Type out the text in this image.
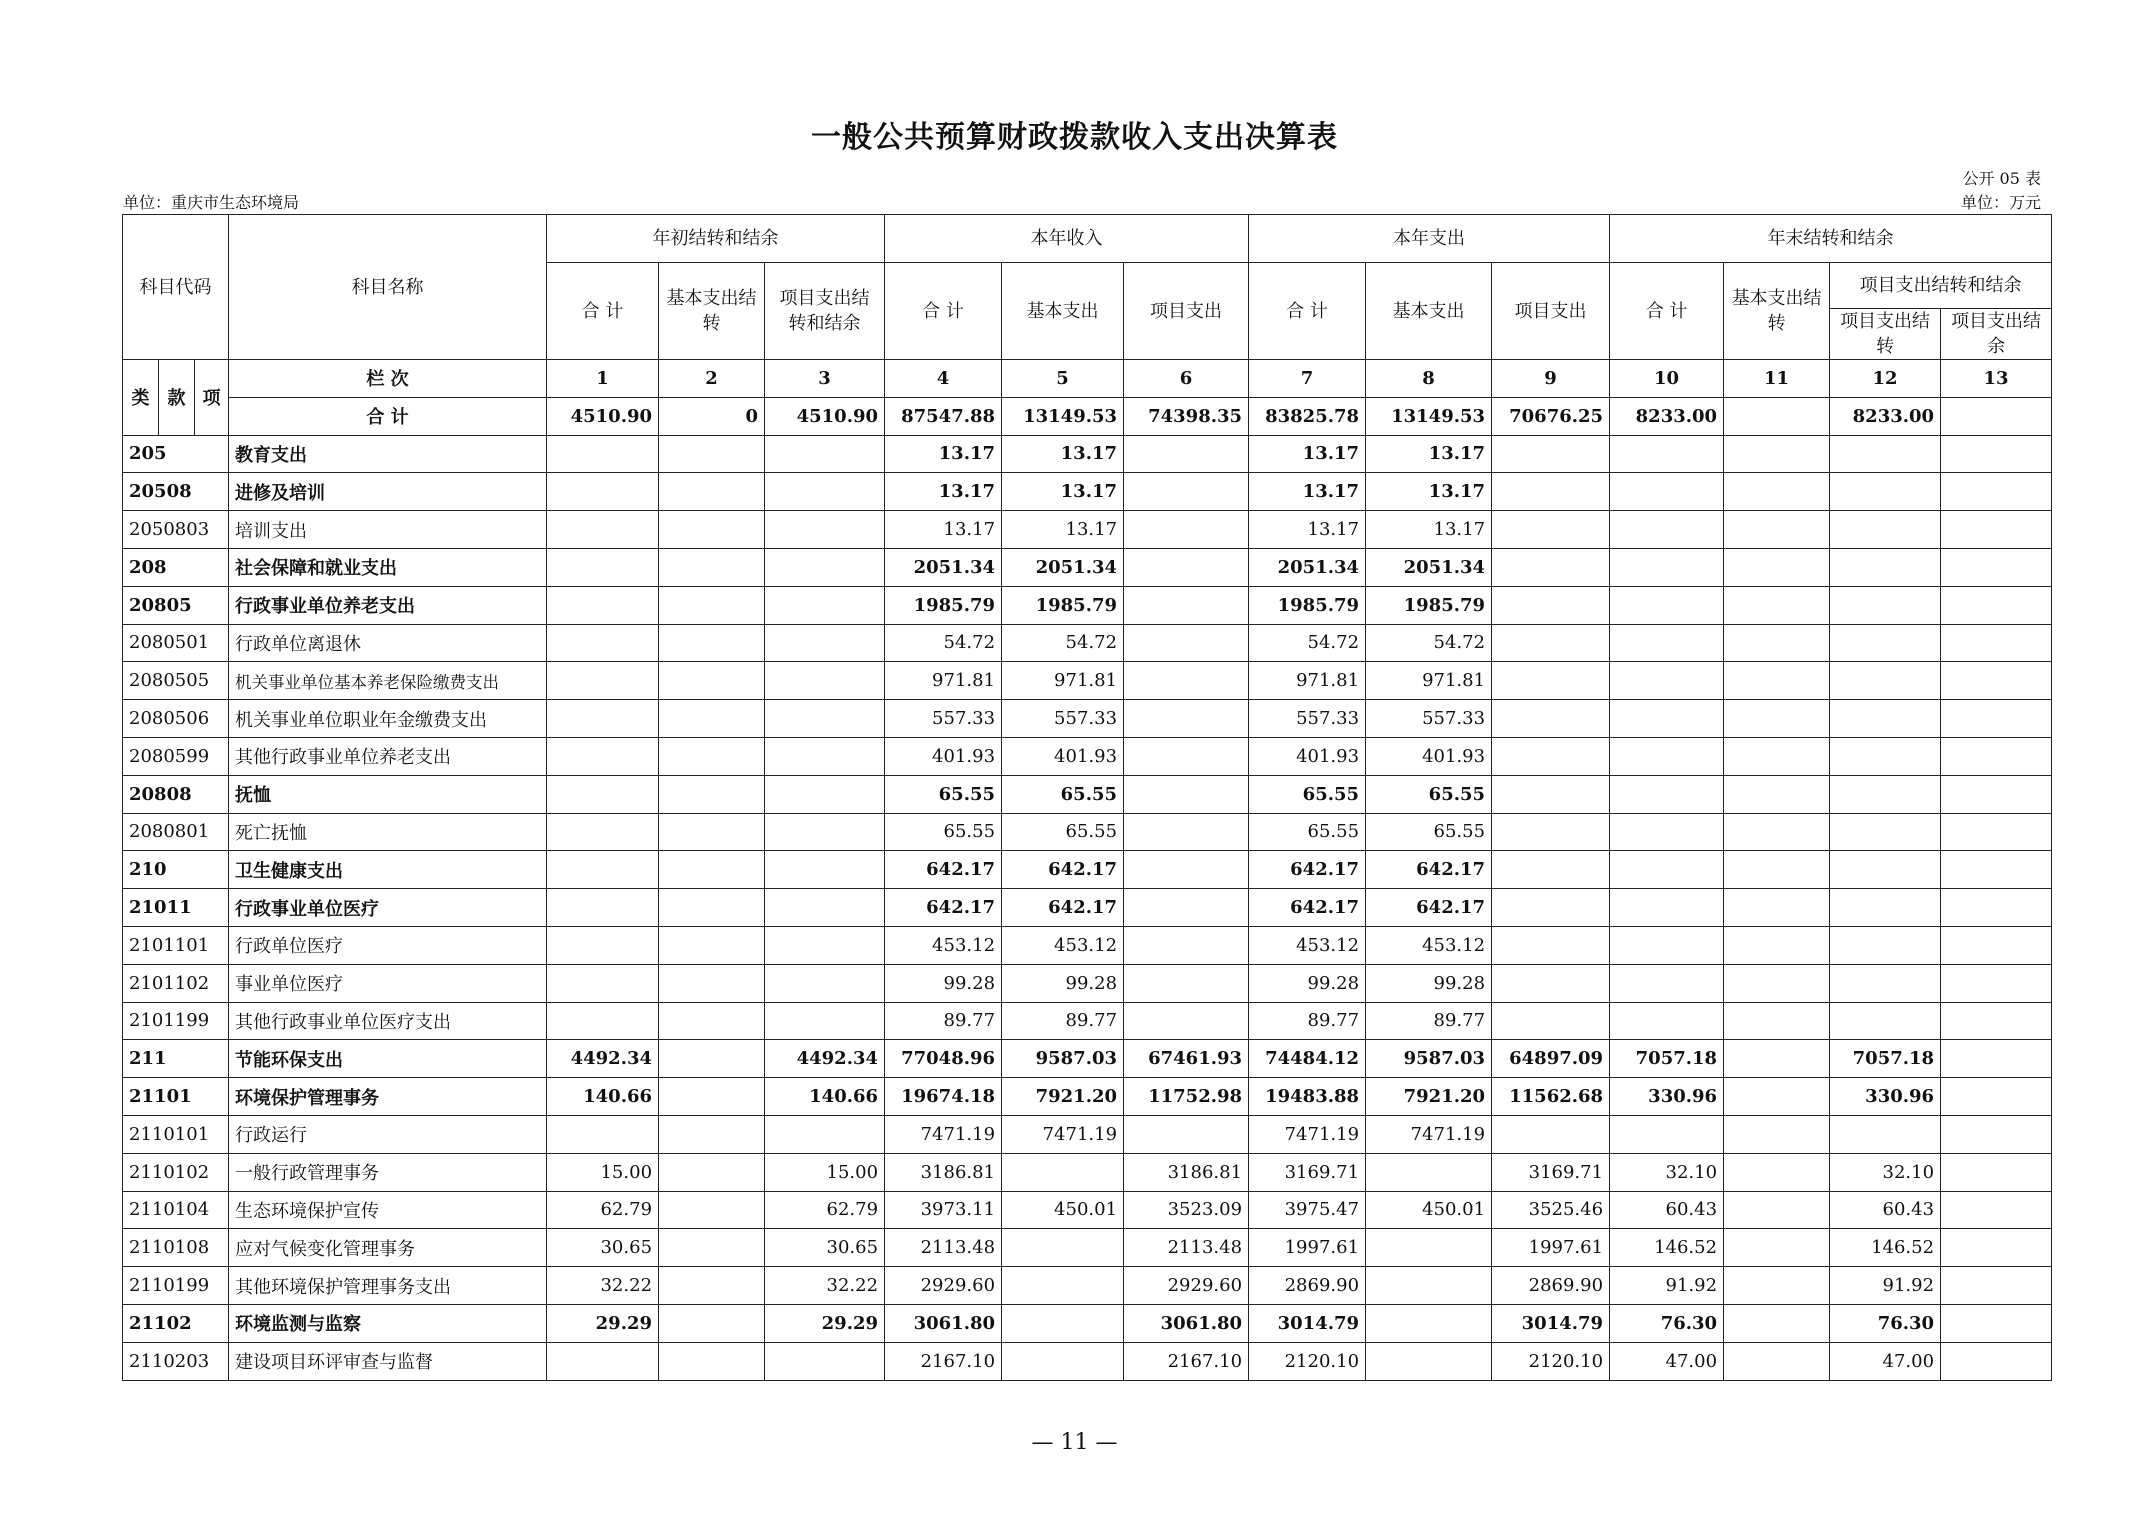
一般公共预算财政拨款收入支出决算表
公开 05 表
单位：重庆市生态环境局	单位：万元
科目代码			科目名称	年初结转和结余			本年收入			本年支出			年末结转和结余			
				合 计	基本支出结转	项目支出结转和结余	合 计	基本支出	项目支出	合 计	基本支出	项目支出	合 计	基本支出结转	项目支出结转和结余	
															项目支出结转	项目支出结余
类	款	项	栏 次	1	2	3	4	5	6	7	8	9	10	11	12	13
			合 计	4510.90	0	4510.90	87547.88	13149.53	74398.35	83825.78	13149.53	70676.25	8233.00		8233.00	
205			教育支出				13.17	13.17		13.17	13.17					
20508			进修及培训				13.17	13.17		13.17	13.17					
2050803			培训支出				13.17	13.17		13.17	13.17					
208			社会保障和就业支出				2051.34	2051.34		2051.34	2051.34					
20805			行政事业单位养老支出				1985.79	1985.79		1985.79	1985.79					
2080501			行政单位离退休				54.72	54.72		54.72	54.72					
2080505			机关事业单位基本养老保险缴费支出				971.81	971.81		971.81	971.81					
2080506			机关事业单位职业年金缴费支出				557.33	557.33		557.33	557.33					
2080599			其他行政事业单位养老支出				401.93	401.93		401.93	401.93					
20808			抚恤				65.55	65.55		65.55	65.55					
2080801			死亡抚恤				65.55	65.55		65.55	65.55					
210			卫生健康支出				642.17	642.17		642.17	642.17					
21011			行政事业单位医疗				642.17	642.17		642.17	642.17					
2101101			行政单位医疗				453.12	453.12		453.12	453.12					
2101102			事业单位医疗				99.28	99.28		99.28	99.28					
2101199			其他行政事业单位医疗支出				89.77	89.77		89.77	89.77					
211			节能环保支出	4492.34		4492.34	77048.96	9587.03	67461.93	74484.12	9587.03	64897.09	7057.18		7057.18	
21101			环境保护管理事务	140.66		140.66	19674.18	7921.20	11752.98	19483.88	7921.20	11562.68	330.96		330.96	
2110101			行政运行				7471.19	7471.19		7471.19	7471.19					
2110102			一般行政管理事务	15.00		15.00	3186.81		3186.81	3169.71		3169.71	32.10		32.10	
2110104			生态环境保护宣传	62.79		62.79	3973.11	450.01	3523.09	3975.47	450.01	3525.46	60.43		60.43	
2110108			应对气候变化管理事务	30.65		30.65	2113.48		2113.48	1997.61		1997.61	146.52		146.52	
2110199			其他环境保护管理事务支出	32.22		32.22	2929.60		2929.60	2869.90		2869.90	91.92		91.92	
21102			环境监测与监察	29.29		29.29	3061.80		3061.80	3014.79		3014.79	76.30		76.30	
2110203			建设项目环评审查与监督				2167.10		2167.10	2120.10		2120.10	47.00		47.00	
— 11 —
